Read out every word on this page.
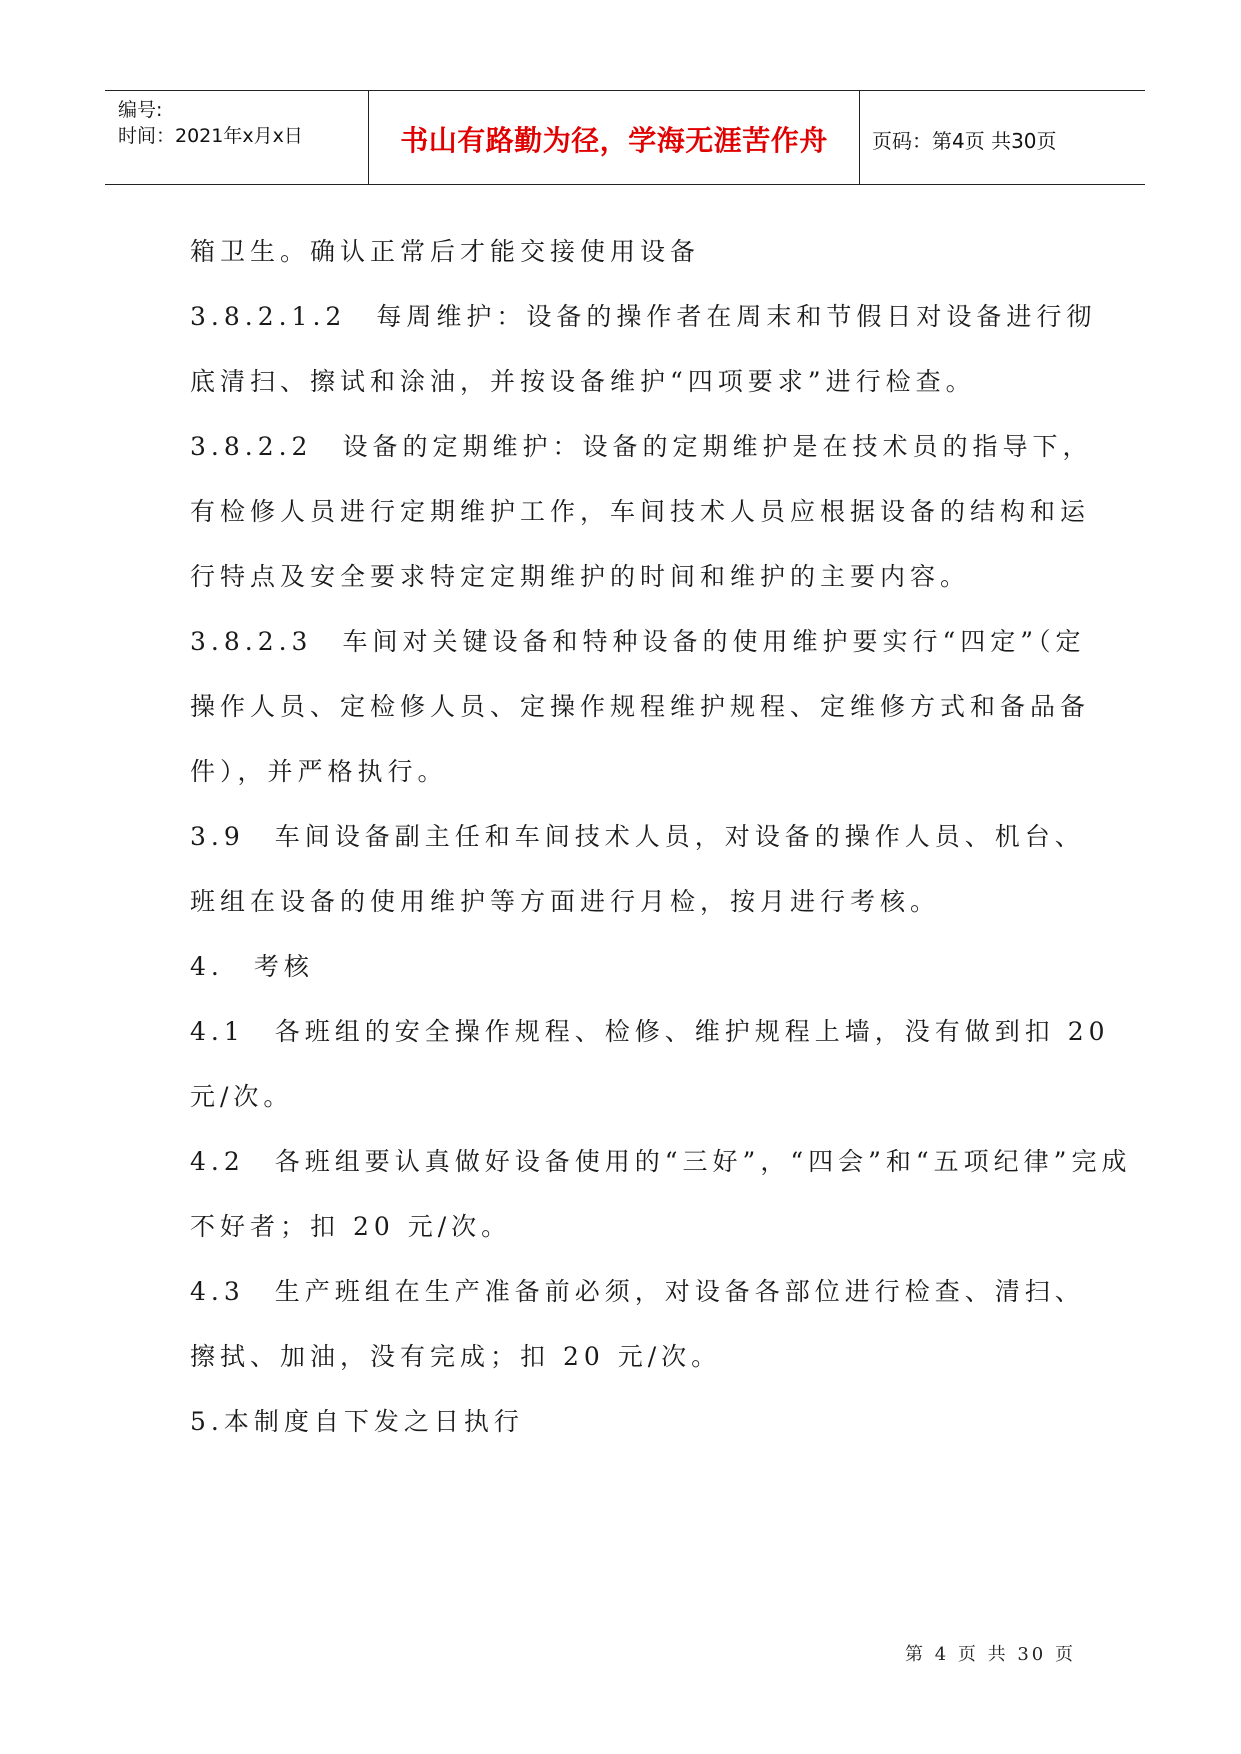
编号:
时间：2021年x月x日	书山有路勤为径，学海无涯苦作舟	页码：第4页 共30页

箱卫生。确认正常后才能交接使用设备

3.8.2.1.2 每周维护：设备的操作者在周末和节假日对设备进行彻

底清扫、擦试和涂油，并按设备维护“四项要求”进行检查。

3.8.2.2 设备的定期维护：设备的定期维护是在技术员的指导下，

有检修人员进行定期维护工作，车间技术人员应根据设备的结构和运

行特点及安全要求特定定期维护的时间和维护的主要内容。

3.8.2.3 车间对关键设备和特种设备的使用维护要实行“四定”（定

操作人员、定检修人员、定操作规程维护规程、定维修方式和备品备

件），并严格执行。

3.9 车间设备副主任和车间技术人员，对设备的操作人员、机台、

班组在设备的使用维护等方面进行月检，按月进行考核。

4. 考核

4.1 各班组的安全操作规程、检修、维护规程上墙，没有做到扣 20

元/次。

4.2 各班组要认真做好设备使用的“三好”，“四会”和“五项纪律”完成

不好者；扣 20 元/次。

4.3 生产班组在生产准备前必须，对设备各部位进行检查、清扫、

擦拭、加油，没有完成；扣 20 元/次。

5.本制度自下发之日执行

第 4 页 共 30 页
